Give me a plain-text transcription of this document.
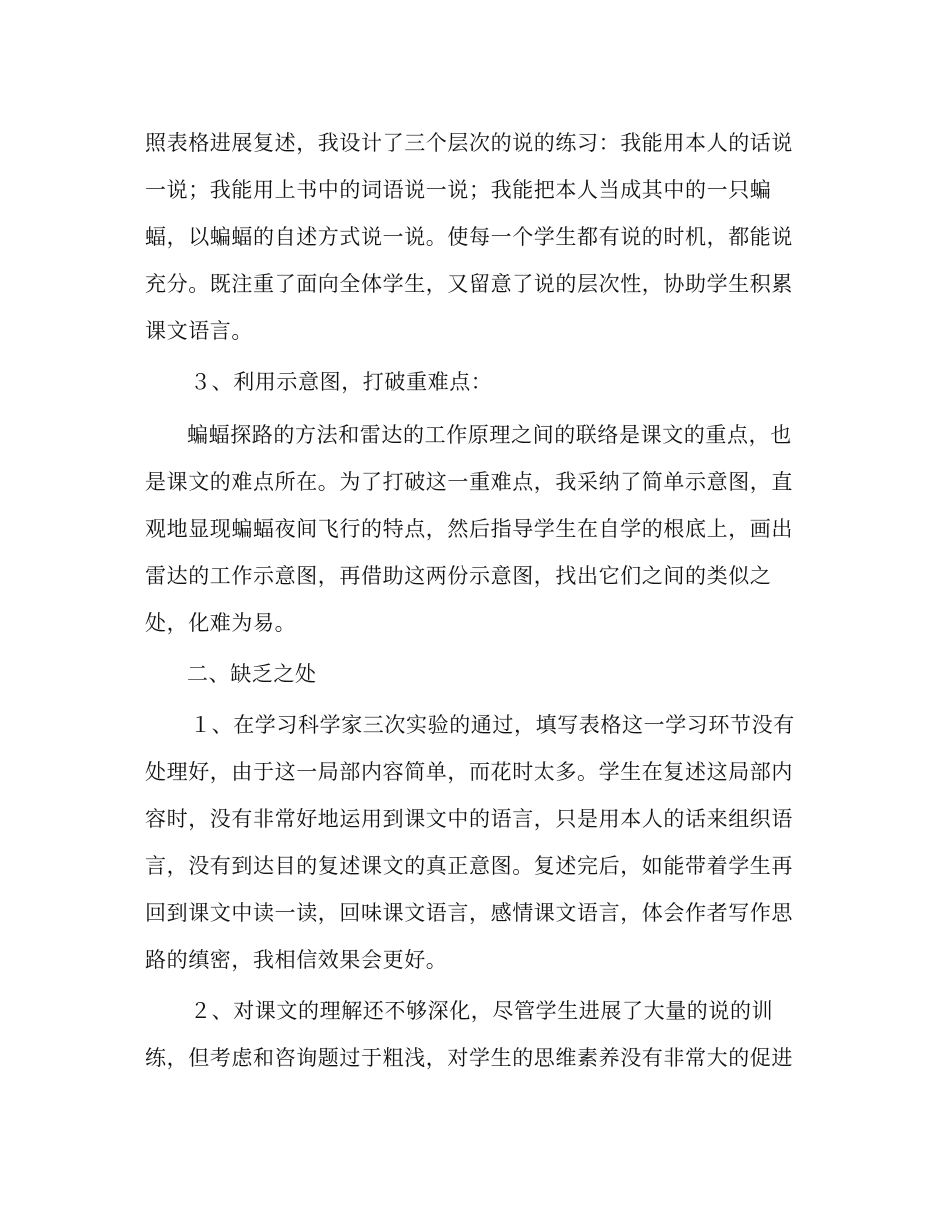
照表格进展复述，我设计了三个层次的说的练习：我能用本人的话说
一说；我能用上书中的词语说一说；我能把本人当成其中的一只蝙
蝠，以蝙蝠的自述方式说一说。使每一个学生都有说的时机，都能说
充分。既注重了面向全体学生，又留意了说的层次性，协助学生积累
课文语言。
３、利用示意图，打破重难点：
蝙蝠探路的方法和雷达的工作原理之间的联络是课文的重点，也
是课文的难点所在。为了打破这一重难点，我采纳了简单示意图，直
观地显现蝙蝠夜间飞行的特点，然后指导学生在自学的根底上，画出
雷达的工作示意图，再借助这两份示意图，找出它们之间的类似之
处，化难为易。
二、缺乏之处
１、在学习科学家三次实验的通过，填写表格这一学习环节没有
处理好，由于这一局部内容简单，而花时太多。学生在复述这局部内
容时，没有非常好地运用到课文中的语言，只是用本人的话来组织语
言，没有到达目的复述课文的真正意图。复述完后，如能带着学生再
回到课文中读一读，回味课文语言，感情课文语言，体会作者写作思
路的缜密，我相信效果会更好。
２、对课文的理解还不够深化，尽管学生进展了大量的说的训
练，但考虑和咨询题过于粗浅，对学生的思维素养没有非常大的促进
